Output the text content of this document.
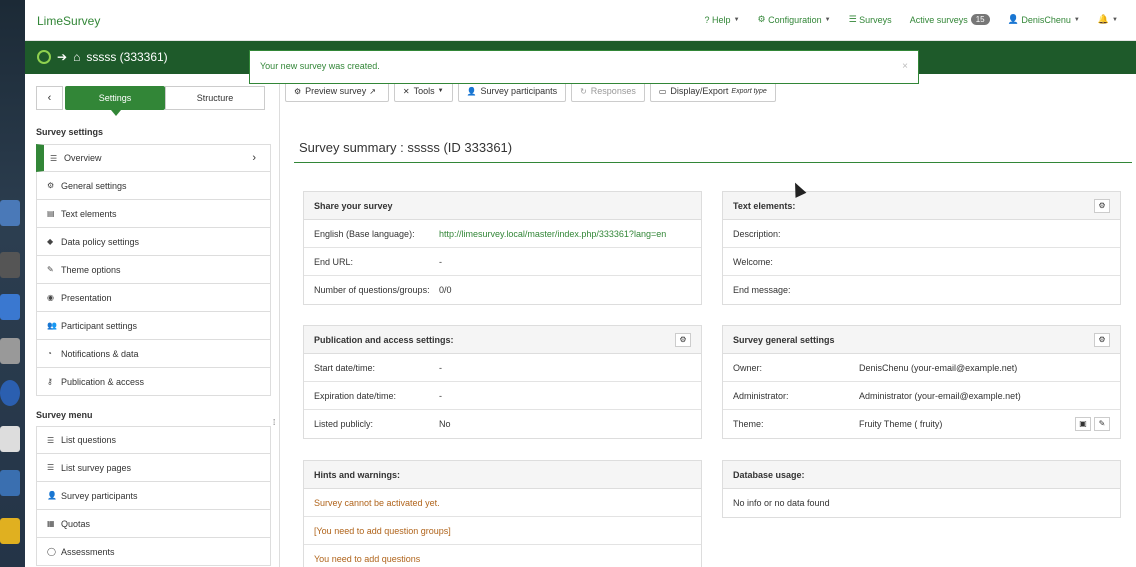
LimeSurvey	? Help ▼ ⚙ Configuration ▼ ☰ Surveys Active surveys	15	👤 DenisChenu ▼ 🔔 ▼
➔ ⌂ sssss (333361)
‹	Settings	Structure
Survey settings
☰ Overview	›
⚙ General settings
▤ Text elements
◆ Data policy settings
✎ Theme options
◉ Presentation
👥 Participant settings
◔	Notifications & data
⚷ Publication & access
Survey menu
☰ List questions
☰ List survey pages
👤 Survey participants
▦ Quotas
◯ Assessments
⁞
⚙ Preview survey ↗	✕ Tools ▼	👤 Survey participants	↻ Responses	▭ Display/Export Export type
Your new survey was created.	×
Survey summary : sssss (ID 333361)
Share your survey
English (Base language):	http://limesurvey.local/master/index.php/333361?lang=en
End URL:	-
Number of questions/groups:	0/0
Text elements:	⚙
Description:
Welcome:
End message:
Publication and access settings:	⚙
Start date/time:	-
Expiration date/time:	-
Listed publicly:	No
Survey general settings	⚙
Owner:	DenisChenu (your-email@example.net)
Administrator:	Administrator (your-email@example.net)
Theme:	Fruity Theme ( fruity)	▣	✎
Hints and warnings:
Survey cannot be activated yet.
[You need to add question groups]
You need to add questions
Database usage:
No info or no data found
